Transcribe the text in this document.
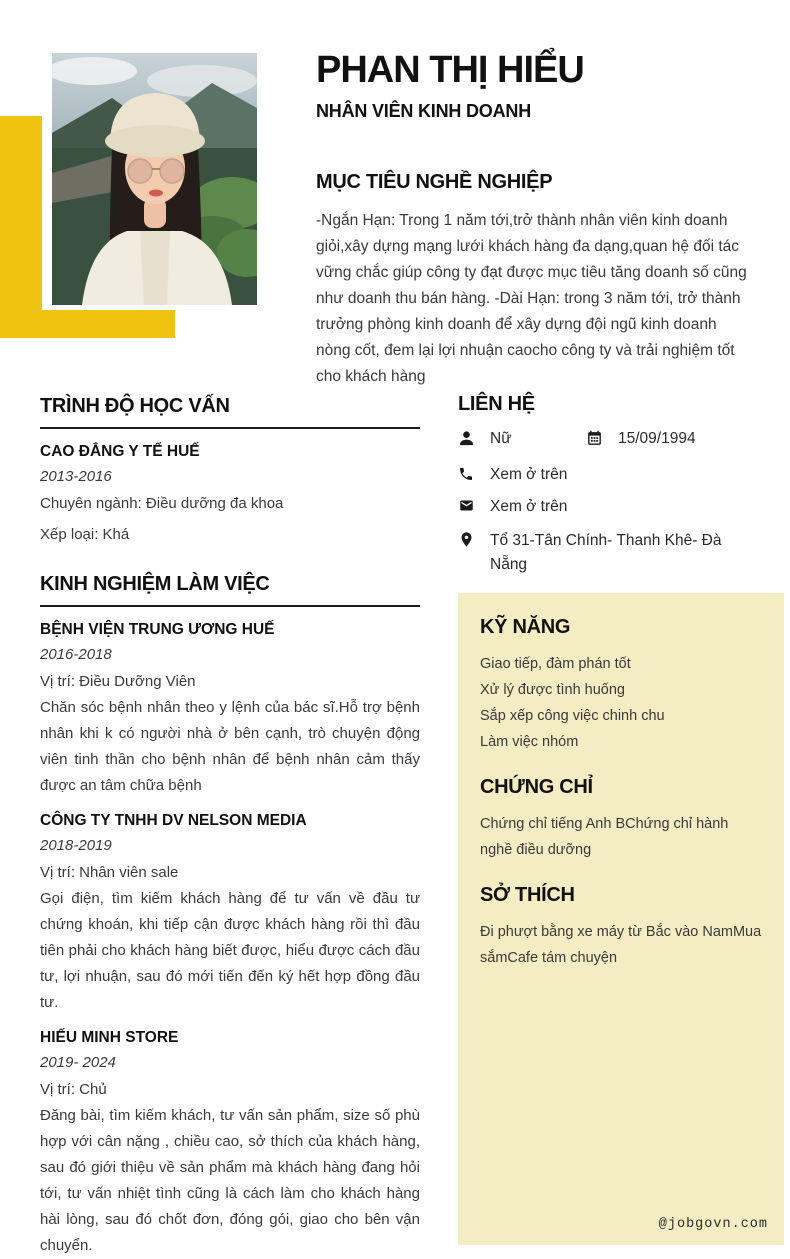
PHAN THỊ HIỂU
NHÂN VIÊN KINH DOANH
MỤC TIÊU NGHỀ NGHIỆP

-Ngắn Hạn: Trong 1 năm tới,trở thành nhân viên kinh doanh giỏi,xây dựng mạng lưới khách hàng đa dạng,quan hệ đối tác vững chắc giúp công ty đạt được mục tiêu tăng doanh số cũng như doanh thu bán hàng. -Dài Hạn: trong 3 năm tới, trở thành trưởng phòng kinh doanh để xây dựng đội ngũ kinh doanh nòng cốt, đem lại lợi nhuận caocho công ty và trải nghiệm tốt cho khách hàng

TRÌNH ĐỘ HỌC VẤN
CAO ĐẲNG Y TẾ HUẾ
2013-2016
Chuyên ngành: Điều dưỡng đa khoa
Xếp loại: Khá
KINH NGHIỆM LÀM VIỆC
BỆNH VIỆN TRUNG ƯƠNG HUẾ
2016-2018
Vị trí: Điều Dưỡng Viên

Chăn sóc bệnh nhân theo y lệnh của bác sĩ.Hỗ trợ bệnh nhân khi k có người nhà ở bên cạnh, trò chuyện động viên tinh thần cho bệnh nhân để bệnh nhân cảm thấy được an tâm chữa bệnh

CÔNG TY TNHH DV NELSON MEDIA
2018-2019
Vị trí: Nhân viên sale

Gọi điện, tìm kiếm khách hàng để tư vấn về đầu tư chứng khoán, khi tiếp cận được khách hàng rồi thì đầu tiên phải cho khách hàng biết được, hiểu được cách đầu tư, lợi nhuận, sau đó mới tiến đến ký hết hợp đồng đầu tư.

HIẾU MINH STORE
2019- 2024
Vị trí: Chủ

Đăng bài, tìm kiếm khách, tư vấn sản phẩm, size số phù hợp với cân nặng , chiều cao, sở thích của khách hàng, sau đó giới thiệu về sản phẩm mà khách hàng đang hỏi tới, tư vấn nhiệt tình cũng là cách làm cho khách hàng hài lòng, sau đó chốt đơn, đóng gói, giao cho bên vận chuyển.

LIÊN HỆ
Nữ	15/09/1994
Xem ở trên
Xem ở trên
Tổ 31-Tân Chính- Thanh Khê- Đà Nẵng
KỸ NĂNG
Giao tiếp, đàm phán tốt
Xử lý được tình huống
Sắp xếp công việc chinh chu
Làm việc nhóm
CHỨNG CHỈ

Chứng chỉ tiếng Anh BChứng chỉ hành nghề điều dưỡng

SỞ THÍCH

Đi phượt bằng xe máy từ Bắc vào NamMua sắmCafe tám chuyện

@jobgovn.com
